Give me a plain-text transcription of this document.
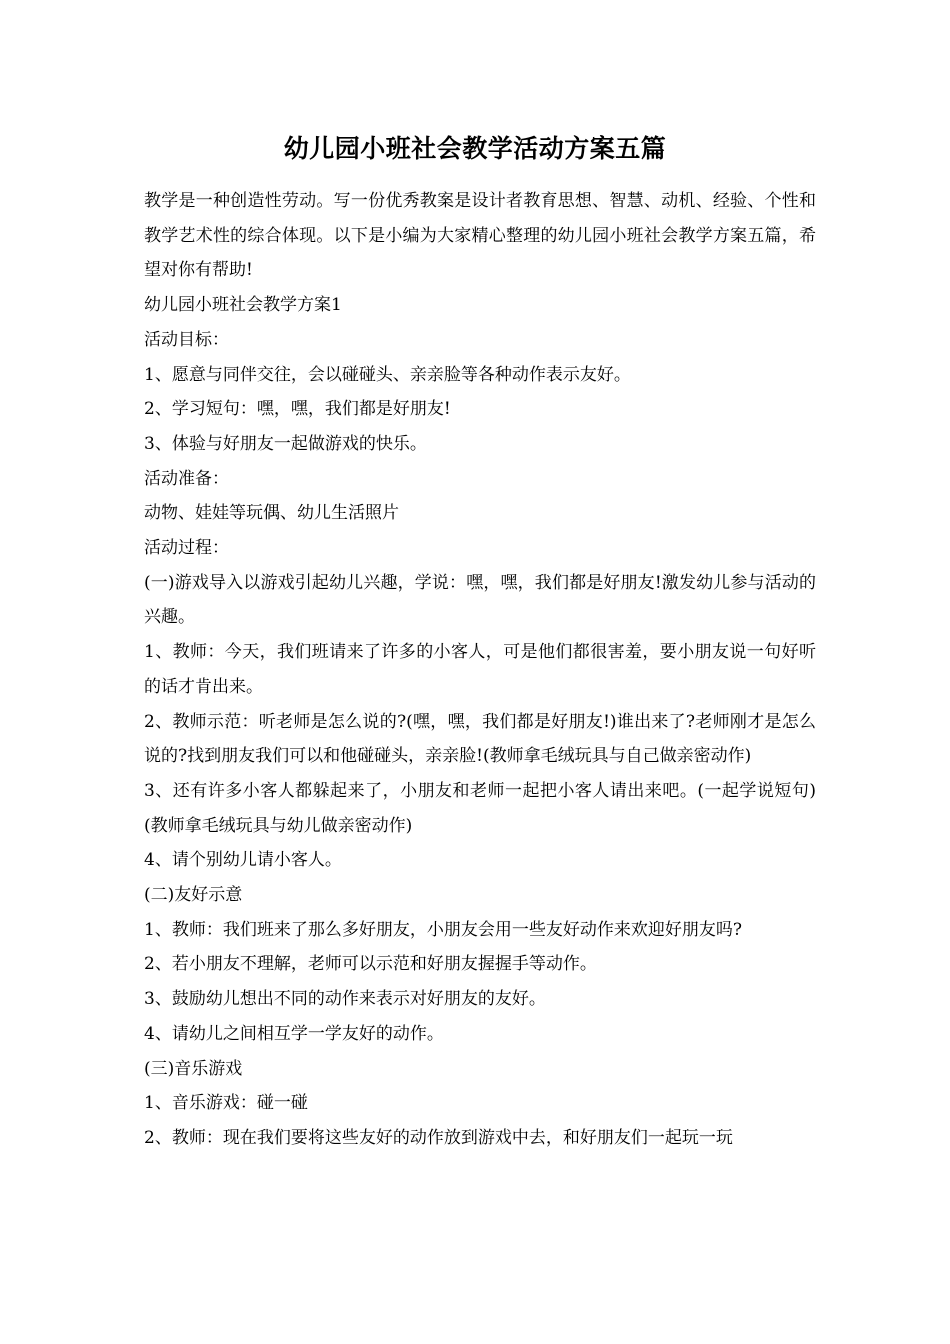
幼儿园小班社会教学活动方案五篇

教学是一种创造性劳动。写一份优秀教案是设计者教育思想、智慧、动机、经验、个性和教学艺术性的综合体现。以下是小编为大家精心整理的幼儿园小班社会教学方案五篇，希望对你有帮助!

幼儿园小班社会教学方案1

活动目标：

1、愿意与同伴交往，会以碰碰头、亲亲脸等各种动作表示友好。

2、学习短句：嘿，嘿，我们都是好朋友!

3、体验与好朋友一起做游戏的快乐。

活动准备：

动物、娃娃等玩偶、幼儿生活照片

活动过程：

(一)游戏导入以游戏引起幼儿兴趣，学说：嘿，嘿，我们都是好朋友!激发幼儿参与活动的兴趣。

1、教师：今天，我们班请来了许多的小客人，可是他们都很害羞，要小朋友说一句好听的话才肯出来。

2、教师示范：听老师是怎么说的?(嘿，嘿，我们都是好朋友!)谁出来了?老师刚才是怎么说的?找到朋友我们可以和他碰碰头，亲亲脸!(教师拿毛绒玩具与自己做亲密动作)

3、还有许多小客人都躲起来了，小朋友和老师一起把小客人请出来吧。(一起学说短句)(教师拿毛绒玩具与幼儿做亲密动作)

4、请个别幼儿请小客人。

(二)友好示意

1、教师：我们班来了那么多好朋友，小朋友会用一些友好动作来欢迎好朋友吗?

2、若小朋友不理解，老师可以示范和好朋友握握手等动作。

3、鼓励幼儿想出不同的动作来表示对好朋友的友好。

4、请幼儿之间相互学一学友好的动作。

(三)音乐游戏

1、音乐游戏：碰一碰

2、教师：现在我们要将这些友好的动作放到游戏中去，和好朋友们一起玩一玩
